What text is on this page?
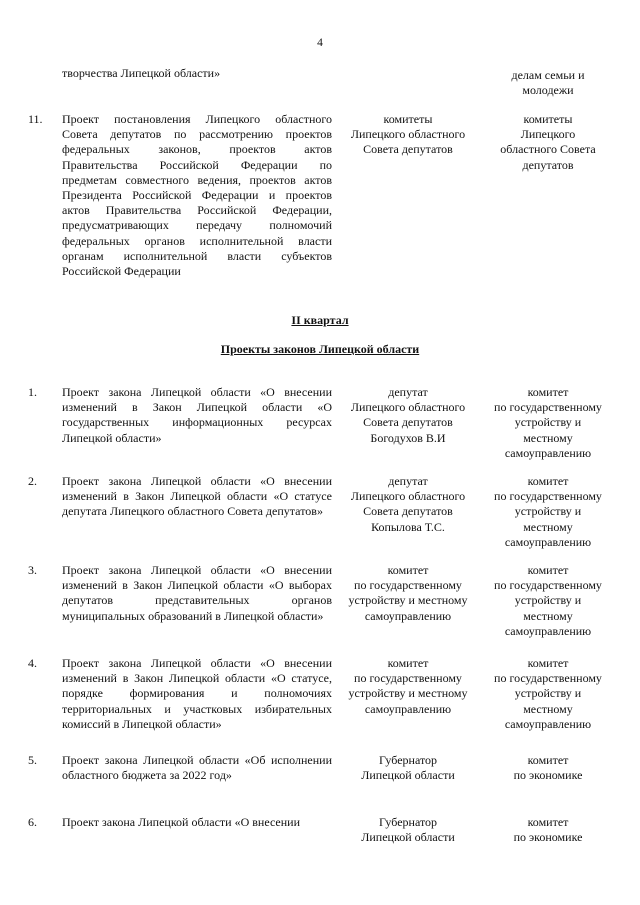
4
творчества Липецкой области»	делам семьи и
молодежи
11. Проект постановления Липецкого областного Совета депутатов по рассмотрению проектов федеральных законов, проектов актов Правительства Российской Федерации по предметам совместного ведения, проектов актов Президента Российской Федерации и проектов актов Правительства Российской Федерации, предусматривающих передачу полномочий федеральных органов исполнительной власти органам исполнительной власти субъектов Российской Федерации
комитеты
Липецкого областного
Совета депутатов
комитеты
Липецкого
областного Совета
депутатов
II квартал
Проекты законов Липецкой области
1. Проект закона Липецкой области «О внесении изменений в Закон Липецкой области «О государственных информационных ресурсах Липецкой области»
депутат
Липецкого областного
Совета депутатов
Богодухов В.И
комитет
по государственному
устройству и
местному
самоуправлению
2. Проект закона Липецкой области «О внесении изменений в Закон Липецкой области «О статусе депутата Липецкого областного Совета депутатов»
депутат
Липецкого областного
Совета депутатов
Копылова Т.С.
комитет
по государственному
устройству и
местному
самоуправлению
3. Проект закона Липецкой области «О внесении изменений в Закон Липецкой области «О выборах депутатов представительных органов муниципальных образований в Липецкой области»
комитет
по государственному
устройству и местному
самоуправлению
комитет
по государственному
устройству и
местному
самоуправлению
4. Проект закона Липецкой области «О внесении изменений в Закон Липецкой области «О статусе, порядке формирования и полномочиях территориальных и участковых избирательных комиссий в Липецкой области»
комитет
по государственному
устройству и местному
самоуправлению
комитет
по государственному
устройству и
местному
самоуправлению
5. Проект закона Липецкой области «Об исполнении областного бюджета за 2022 год»
Губернатор
Липецкой области
комитет
по экономике
6. Проект закона Липецкой области «О внесении	Губернатор
Липецкой области
комитет
по экономике
